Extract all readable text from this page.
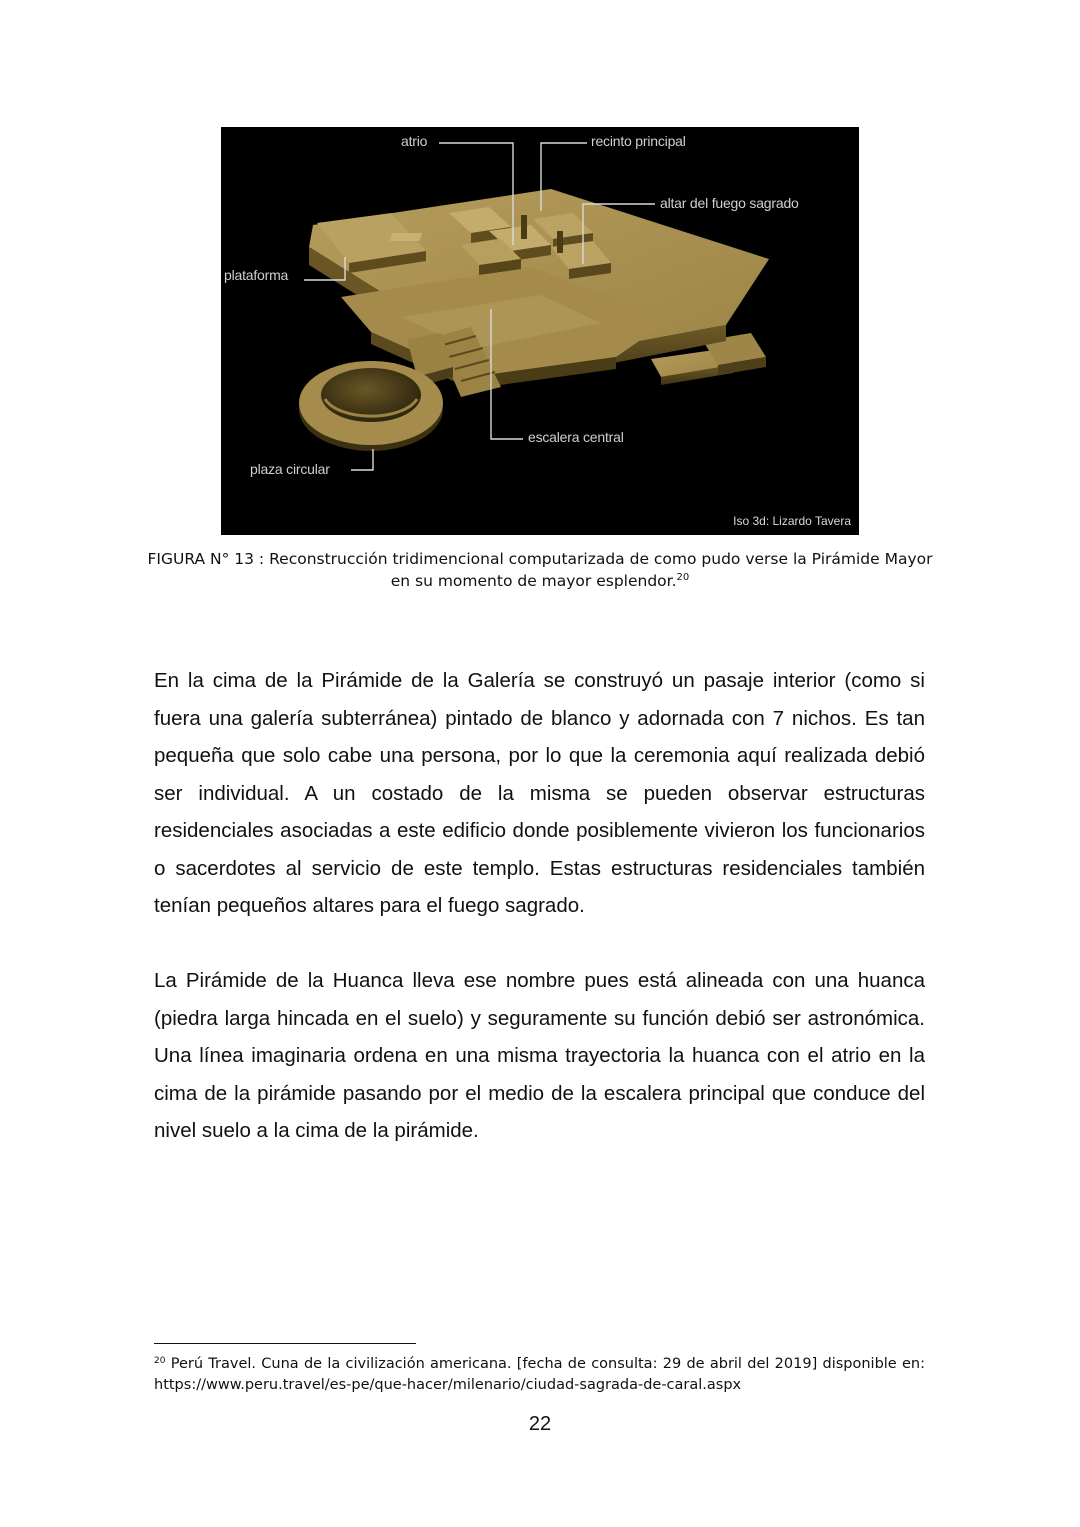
atrio	recinto principal
altar del fuego sagrado
plataforma
escalera central
plaza circular
Iso 3d: Lizardo Tavera
FIGURA N° 13 : Reconstrucción tridimencional computarizada de como pudo verse la Pirámide Mayor en su momento de mayor esplendor.$^{20}$

En la cima de la Pirámide de la Galería se construyó un pasaje interior (como si fuera una galería subterránea) pintado de blanco y adornada con 7 nichos. Es tan pequeña que solo cabe una persona, por lo que la ceremonia aquí realizada debió ser individual. A un costado de la misma se pueden observar estructuras residenciales asociadas a este edificio donde posiblemente vivieron los funcionarios o sacerdotes al servicio de este templo. Estas estructuras residenciales también tenían pequeños altares para el fuego sagrado.

La Pirámide de la Huanca lleva ese nombre pues está alineada con una huanca (piedra larga hincada en el suelo) y seguramente su función debió ser astronómica. Una línea imaginaria ordena en una misma trayectoria la huanca con el atrio en la cima de la pirámide pasando por el medio de la escalera principal que conduce del nivel suelo a la cima de la pirámide.

$^{20}$ Perú Travel. Cuna de la civilización americana. [fecha de consulta: 29 de abril del 2019] disponible en: https://www.peru.travel/es-pe/que-hacer/milenario/ciudad-sagrada-de-caral.aspx
22
